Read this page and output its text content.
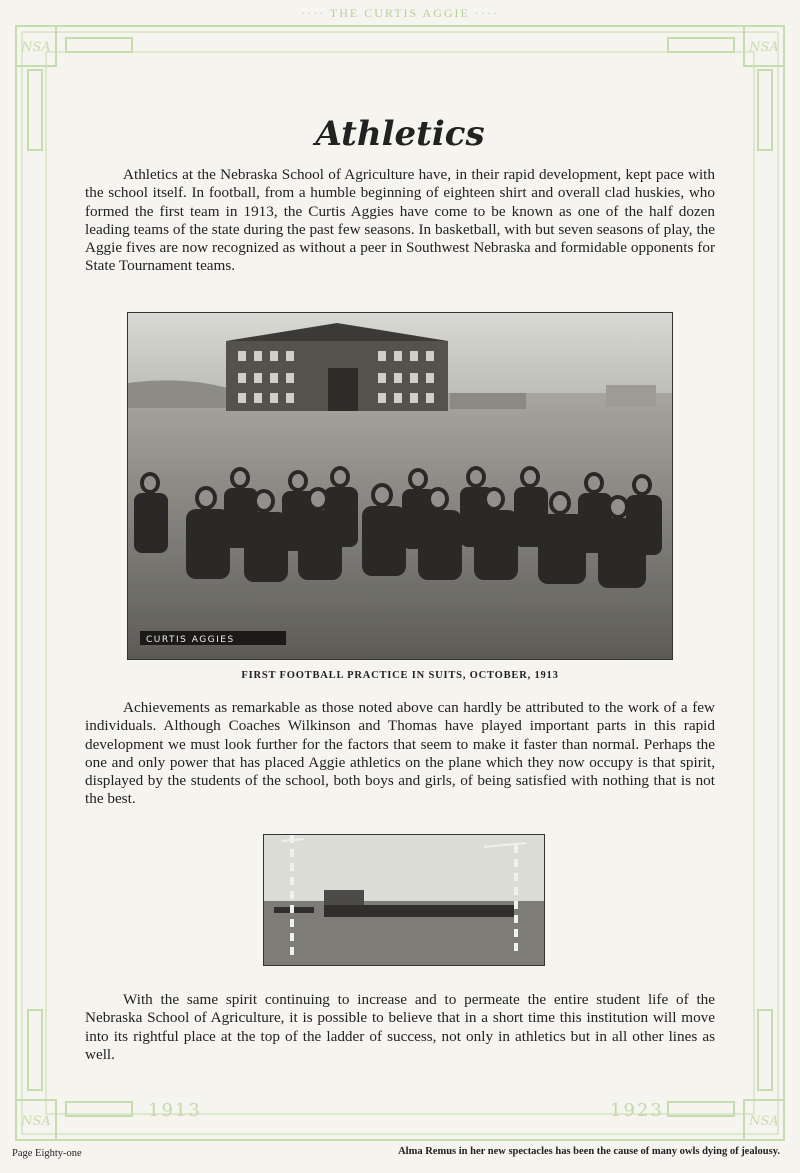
NSA	NSA
NSA	NSA
···· THE CURTIS AGGIE ····
Athletics

Athletics at the Nebraska School of Agriculture have, in their rapid development, kept pace with the school itself. In football, from a humble beginning of eighteen shirt and overall clad huskies, who formed the first team in 1913, the Curtis Aggies have come to be known as one of the half dozen leading teams of the state during the past few seasons. In basketball, with but seven seasons of play, the Aggie fives are now recognized as without a peer in Southwest Nebraska and formidable opponents for State Tournament teams.

CURTIS AGGIES
FIRST FOOTBALL PRACTICE IN SUITS, OCTOBER, 1913

Achievements as remarkable as those noted above can hardly be attributed to the work of a few individuals. Although Coaches Wilkinson and Thomas have played important parts in this rapid development we must look further for the factors that seem to make it faster than normal. Perhaps the one and only power that has placed Aggie athletics on the plane which they now occupy is that spirit, displayed by the students of the school, both boys and girls, of being satisfied with nothing that is not the best.

With the same spirit continuing to increase and to permeate the entire student life of the Nebraska School of Agriculture, it is possible to believe that in a short time this institution will move into its rightful place at the top of the ladder of success, not only in athletics but in all other lines as well.

1913	1923
Page Eighty-one	Alma Remus in her new spectacles has been the cause of many owls dying of jealousy.
